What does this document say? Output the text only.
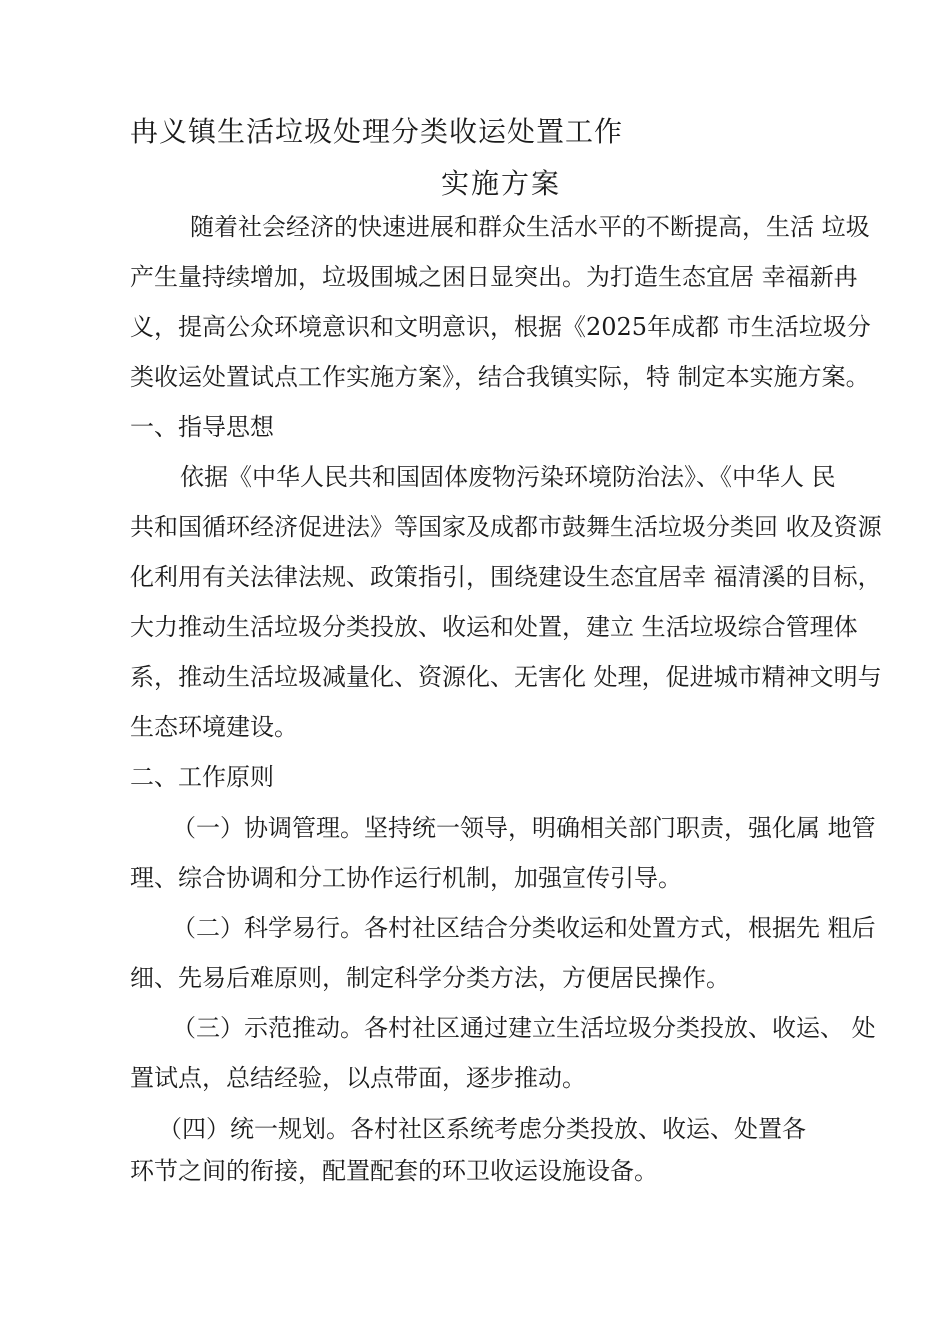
冉义镇生活垃圾处理分类收运处置工作
实施方案
随着社会经济的快速进展和群众生活水平的不断提高，生活 垃圾
产生量持续增加，垃圾围城之困日显突出。为打造生态宜居 幸福新冉
义，提高公众环境意识和文明意识，根据《2025年成都 市生活垃圾分
类收运处置试点工作实施方案》，结合我镇实际，特 制定本实施方案。
一、指导思想
依据《中华人民共和国固体废物污染环境防治法》、《中华人 民
共和国循环经济促进法》等国家及成都市鼓舞生活垃圾分类回 收及资源
化利用有关法律法规、政策指引，围绕建设生态宜居幸 福清溪的目标，
大力推动生活垃圾分类投放、收运和处置，建立 生活垃圾综合管理体
系，推动生活垃圾减量化、资源化、无害化 处理，促进城市精神文明与
生态环境建设。
二、工作原则
（一）协调管理。坚持统一领导，明确相关部门职责，强化属 地管
理、综合协调和分工协作运行机制，加强宣传引导。
（二）科学易行。各村社区结合分类收运和处置方式，根据先 粗后
细、先易后难原则，制定科学分类方法，方便居民操作。
（三）示范推动。各村社区通过建立生活垃圾分类投放、收运、 处
置试点，总结经验，以点带面，逐步推动。
（四）统一规划。各村社区系统考虑分类投放、收运、处置各
环节之间的衔接，配置配套的环卫收运设施设备。
